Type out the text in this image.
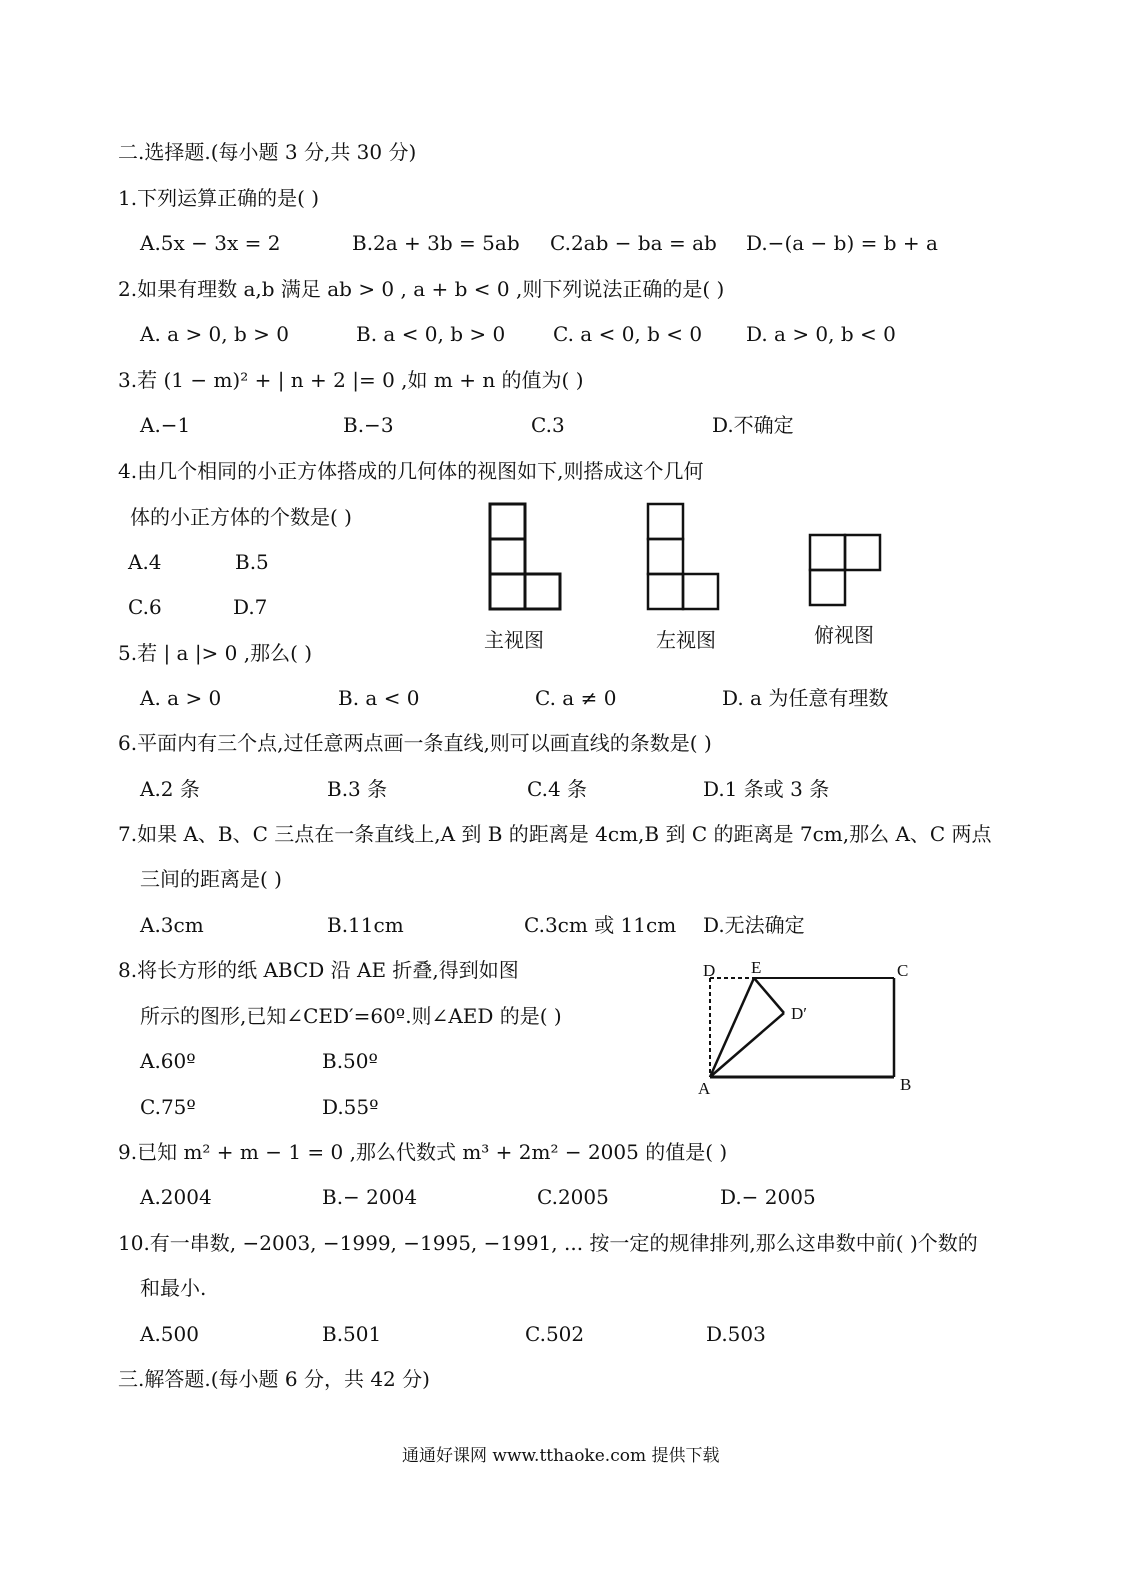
二.选择题.(每小题 3 分,共 30 分)
1.下列运算正确的是( )
A.5x − 3x = 2	B.2a + 3b = 5ab C.2ab − ba = ab D.−(a − b) = b + a
2.如果有理数 a,b 满足 ab > 0 , a + b < 0 ,则下列说法正确的是( )
A. a > 0, b > 0	B. a < 0, b > 0 C. a < 0, b < 0 D. a > 0, b < 0
3.若 (1 − m)² + | n + 2 |= 0 ,如 m + n 的值为( )
A.−1	B.−3	C.3	D.不确定
4.由几个相同的小正方体搭成的几何体的视图如下,则搭成这个几何
体的小正方体的个数是( )
A.4	B.5
C.6	D.7
主视图	左视图	俯视图
5.若 | a |> 0 ,那么( )
A. a > 0	B. a < 0	C. a ≠ 0	D. a 为任意有理数
6.平面内有三个点,过任意两点画一条直线,则可以画直线的条数是( )
A.2 条	B.3 条	C.4 条	D.1 条或 3 条
7.如果 A、B、C 三点在一条直线上,A 到 B 的距离是 4cm,B 到 C 的距离是 7cm,那么 A、C 两点
三间的距离是( )
A.3cm	B.11cm	C.3cm 或 11cm D.无法确定
8.将长方形的纸 ABCD 沿 AE 折叠,得到如图
所示的图形,已知∠CED′=60º.则∠AED 的是( )
A.60º	B.50º
C.75º	D.55º
D E	C
D′
A	B
9.已知 m² + m − 1 = 0 ,那么代数式 m³ + 2m² − 2005 的值是( )
A.2004	B.− 2004	C.2005	D.− 2005
10.有一串数, −2003, −1999, −1995, −1991, ... 按一定的规律排列,那么这串数中前( )个数的
和最小.
A.500	B.501	C.502	D.503
三.解答题.(每小题 6 分，共 42 分)
通通好课网 www.tthaoke.com 提供下载
